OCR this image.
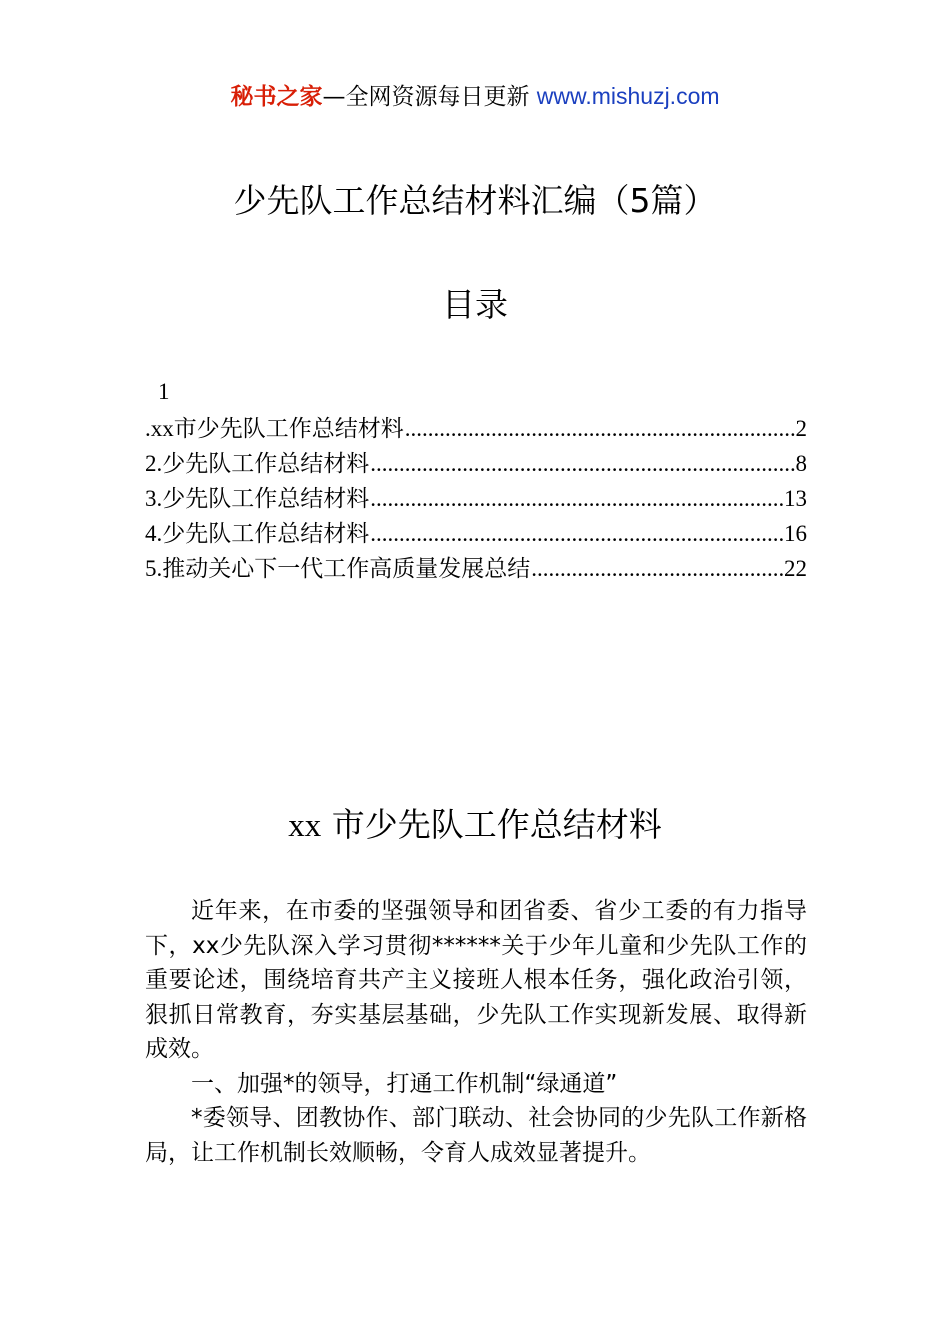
秘书之家—全网资源每日更新 www.mishuzj.com
少先队工作总结材料汇编（5篇）
目录
1
.xx 市少先队工作总结材料 .....	2
2. 少先队工作总结材料 .....	8
3. 少先队工作总结材料 .....	13
4. 少先队工作总结材料 .....	16
5. 推动关心下一代工作高质量发展总结 .....	22
xx 市少先队工作总结材料

近年来，在市委的坚强领导和团省委、省少工委的有力指导下，xx少先队深入学习贯彻******关于少年儿童和少先队工作的重要论述，围绕培育共产主义接班人根本任务，强化政治引领，狠抓日常教育，夯实基层基础，少先队工作实现新发展、取得新成效。

一、加强*的领导，打通工作机制“绿通道”

*委领导、团教协作、部门联动、社会协同的少先队工作新格局，让工作机制长效顺畅，令育人成效显著提升。
